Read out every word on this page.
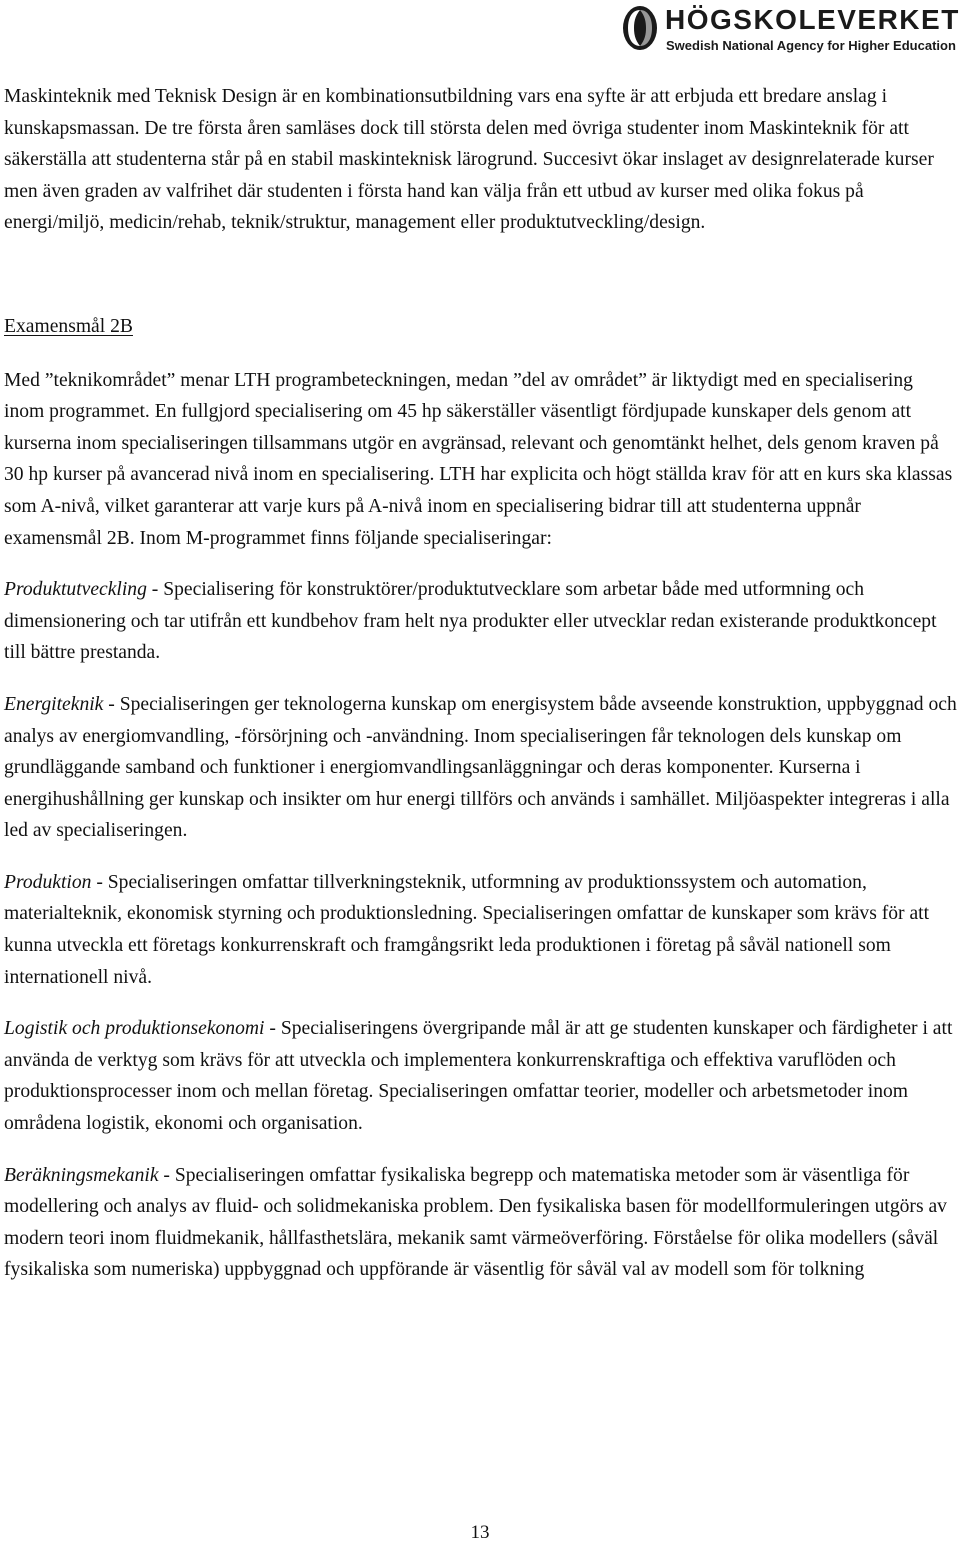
HÖGSKOLEVERKET
Swedish National Agency for Higher Education

Maskinteknik med Teknisk Design är en kombinationsutbildning vars ena syfte är att erbjuda ett bredare anslag i kunskapsmassan. De tre första åren samläses dock till största delen med övriga studenter inom Maskinteknik för att säkerställa att studenterna står på en stabil maskinteknisk lärogrund. Succesivt ökar inslaget av designrelaterade kurser men även graden av valfrihet där studenten i första hand kan välja från ett utbud av kurser med olika fokus på energi/miljö, medicin/rehab, teknik/struktur, management eller produktutveckling/design.

Examensmål 2B

Med ”teknikområdet” menar LTH programbeteckningen, medan ”del av området” är liktydigt med en specialisering inom programmet. En fullgjord specialisering om 45 hp säkerställer väsentligt fördjupade kunskaper dels genom att kurserna inom specialiseringen tillsammans utgör en avgränsad, relevant och genomtänkt helhet, dels genom kraven på 30 hp kurser på avancerad nivå inom en specialisering. LTH har explicita och högt ställda krav för att en kurs ska klassas som A-nivå, vilket garanterar att varje kurs på A-nivå inom en specialisering bidrar till att studenterna uppnår examensmål 2B. Inom M-programmet finns följande specialiseringar:

Produktutveckling - Specialisering för konstruktörer/produktutvecklare som arbetar både med utformning och dimensionering och tar utifrån ett kundbehov fram helt nya produkter eller utvecklar redan existerande produktkoncept till bättre prestanda.

Energiteknik - Specialiseringen ger teknologerna kunskap om energisystem både avseende konstruktion, uppbyggnad och analys av energiomvandling, -försörjning och -användning. Inom specialiseringen får teknologen dels kunskap om grundläggande samband och funktioner i energiomvandlingsanläggningar och deras komponenter. Kurserna i energihushållning ger kunskap och insikter om hur energi tillförs och används i samhället. Miljöaspekter integreras i alla led av specialiseringen.

Produktion - Specialiseringen omfattar tillverkningsteknik, utformning av produktionssystem och automation, materialteknik, ekonomisk styrning och produktionsledning. Specialiseringen omfattar de kunskaper som krävs för att kunna utveckla ett företags konkurrenskraft och framgångsrikt leda produktionen i företag på såväl nationell som internationell nivå.

Logistik och produktionsekonomi - Specialiseringens övergripande mål är att ge studenten kunskaper och färdigheter i att använda de verktyg som krävs för att utveckla och implementera konkurrenskraftiga och effektiva varuflöden och produktionsprocesser inom och mellan företag. Specialiseringen omfattar teorier, modeller och arbetsmetoder inom områdena logistik, ekonomi och organisation.

Beräkningsmekanik - Specialiseringen omfattar fysikaliska begrepp och matematiska metoder som är väsentliga för modellering och analys av fluid- och solidmekaniska problem. Den fysikaliska basen för modellformuleringen utgörs av modern teori inom fluidmekanik, hållfasthetslära, mekanik samt värmeöverföring. Förståelse för olika modellers (såväl fysikaliska som numeriska) uppbyggnad och uppförande är väsentlig för såväl val av modell som för tolkning

13
